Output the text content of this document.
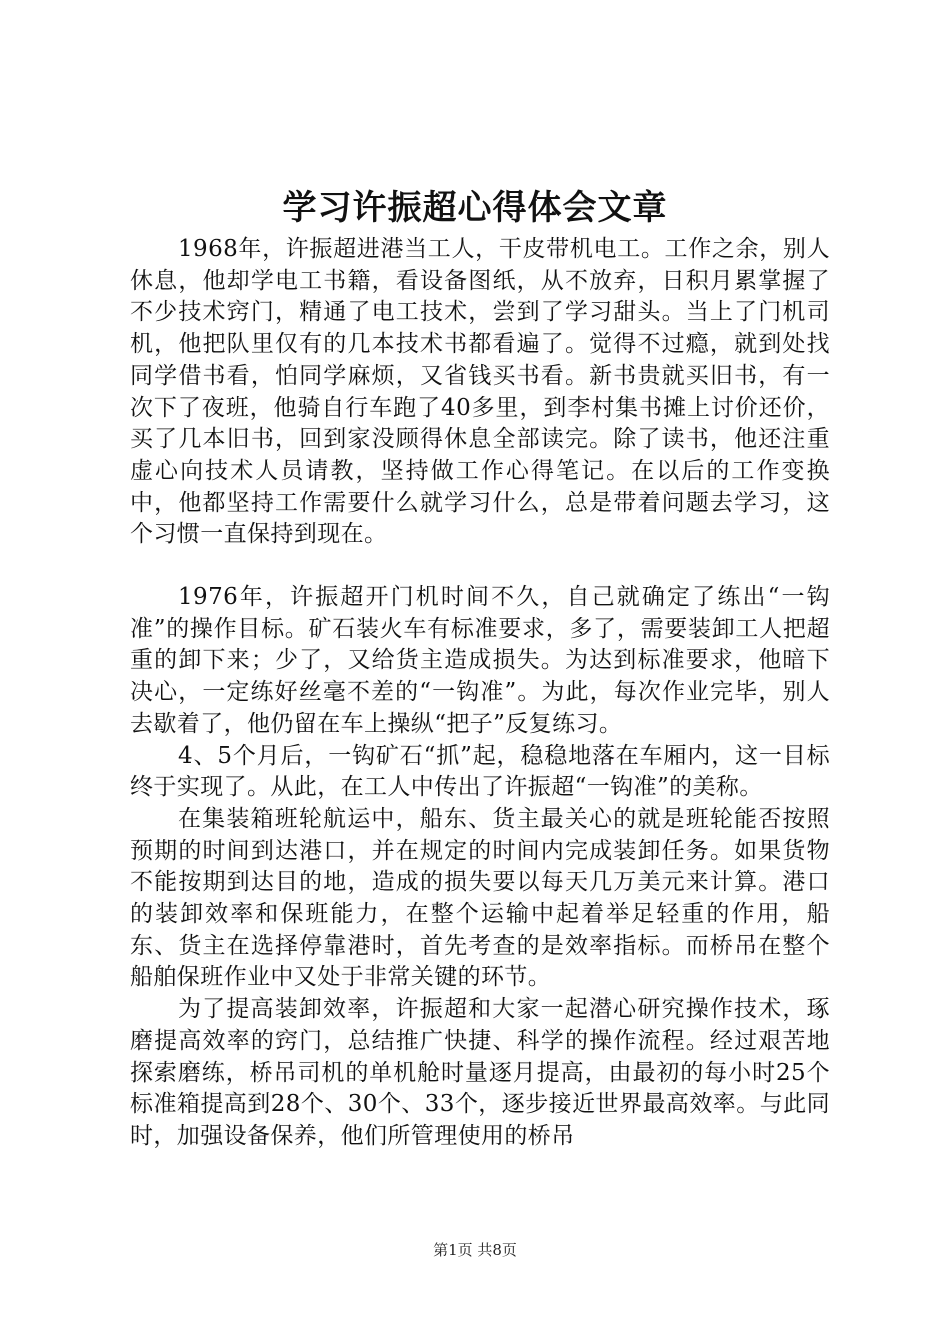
学习许振超心得体会文章

1968年，许振超进港当工人，干皮带机电工。工作之余，别人休息，他却学电工书籍，看设备图纸，从不放弃，日积月累掌握了不少技术窍门，精通了电工技术，尝到了学习甜头。当上了门机司机，他把队里仅有的几本技术书都看遍了。觉得不过瘾，就到处找同学借书看，怕同学麻烦，又省钱买书看。新书贵就买旧书，有一次下了夜班，他骑自行车跑了40多里，到李村集书摊上讨价还价，买了几本旧书，回到家没顾得休息全部读完。除了读书，他还注重虚心向技术人员请教，坚持做工作心得笔记。在以后的工作变换中，他都坚持工作需要什么就学习什么，总是带着问题去学习，这个习惯一直保持到现在。

1976年，许振超开门机时间不久，自己就确定了练出“一钩准”的操作目标。矿石装火车有标准要求，多了，需要装卸工人把超重的卸下来；少了，又给货主造成损失。为达到标准要求，他暗下决心，一定练好丝毫不差的“一钩准”。为此，每次作业完毕，别人去歇着了，他仍留在车上操纵“把子”反复练习。

4、5个月后，一钩矿石“抓”起，稳稳地落在车厢内，这一目标终于实现了。从此，在工人中传出了许振超“一钩准”的美称。

在集装箱班轮航运中，船东、货主最关心的就是班轮能否按照预期的时间到达港口，并在规定的时间内完成装卸任务。如果货物不能按期到达目的地，造成的损失要以每天几万美元来计算。港口的装卸效率和保班能力，在整个运输中起着举足轻重的作用，船东、货主在选择停靠港时，首先考查的是效率指标。而桥吊在整个船舶保班作业中又处于非常关键的环节。

为了提高装卸效率，许振超和大家一起潜心研究操作技术，琢磨提高效率的窍门，总结推广快捷、科学的操作流程。经过艰苦地探索磨练，桥吊司机的单机舱时量逐月提高，由最初的每小时25个标准箱提高到28个、30个、33个，逐步接近世界最高效率。与此同时，加强设备保养，他们所管理使用的桥吊

第1页 共8页
